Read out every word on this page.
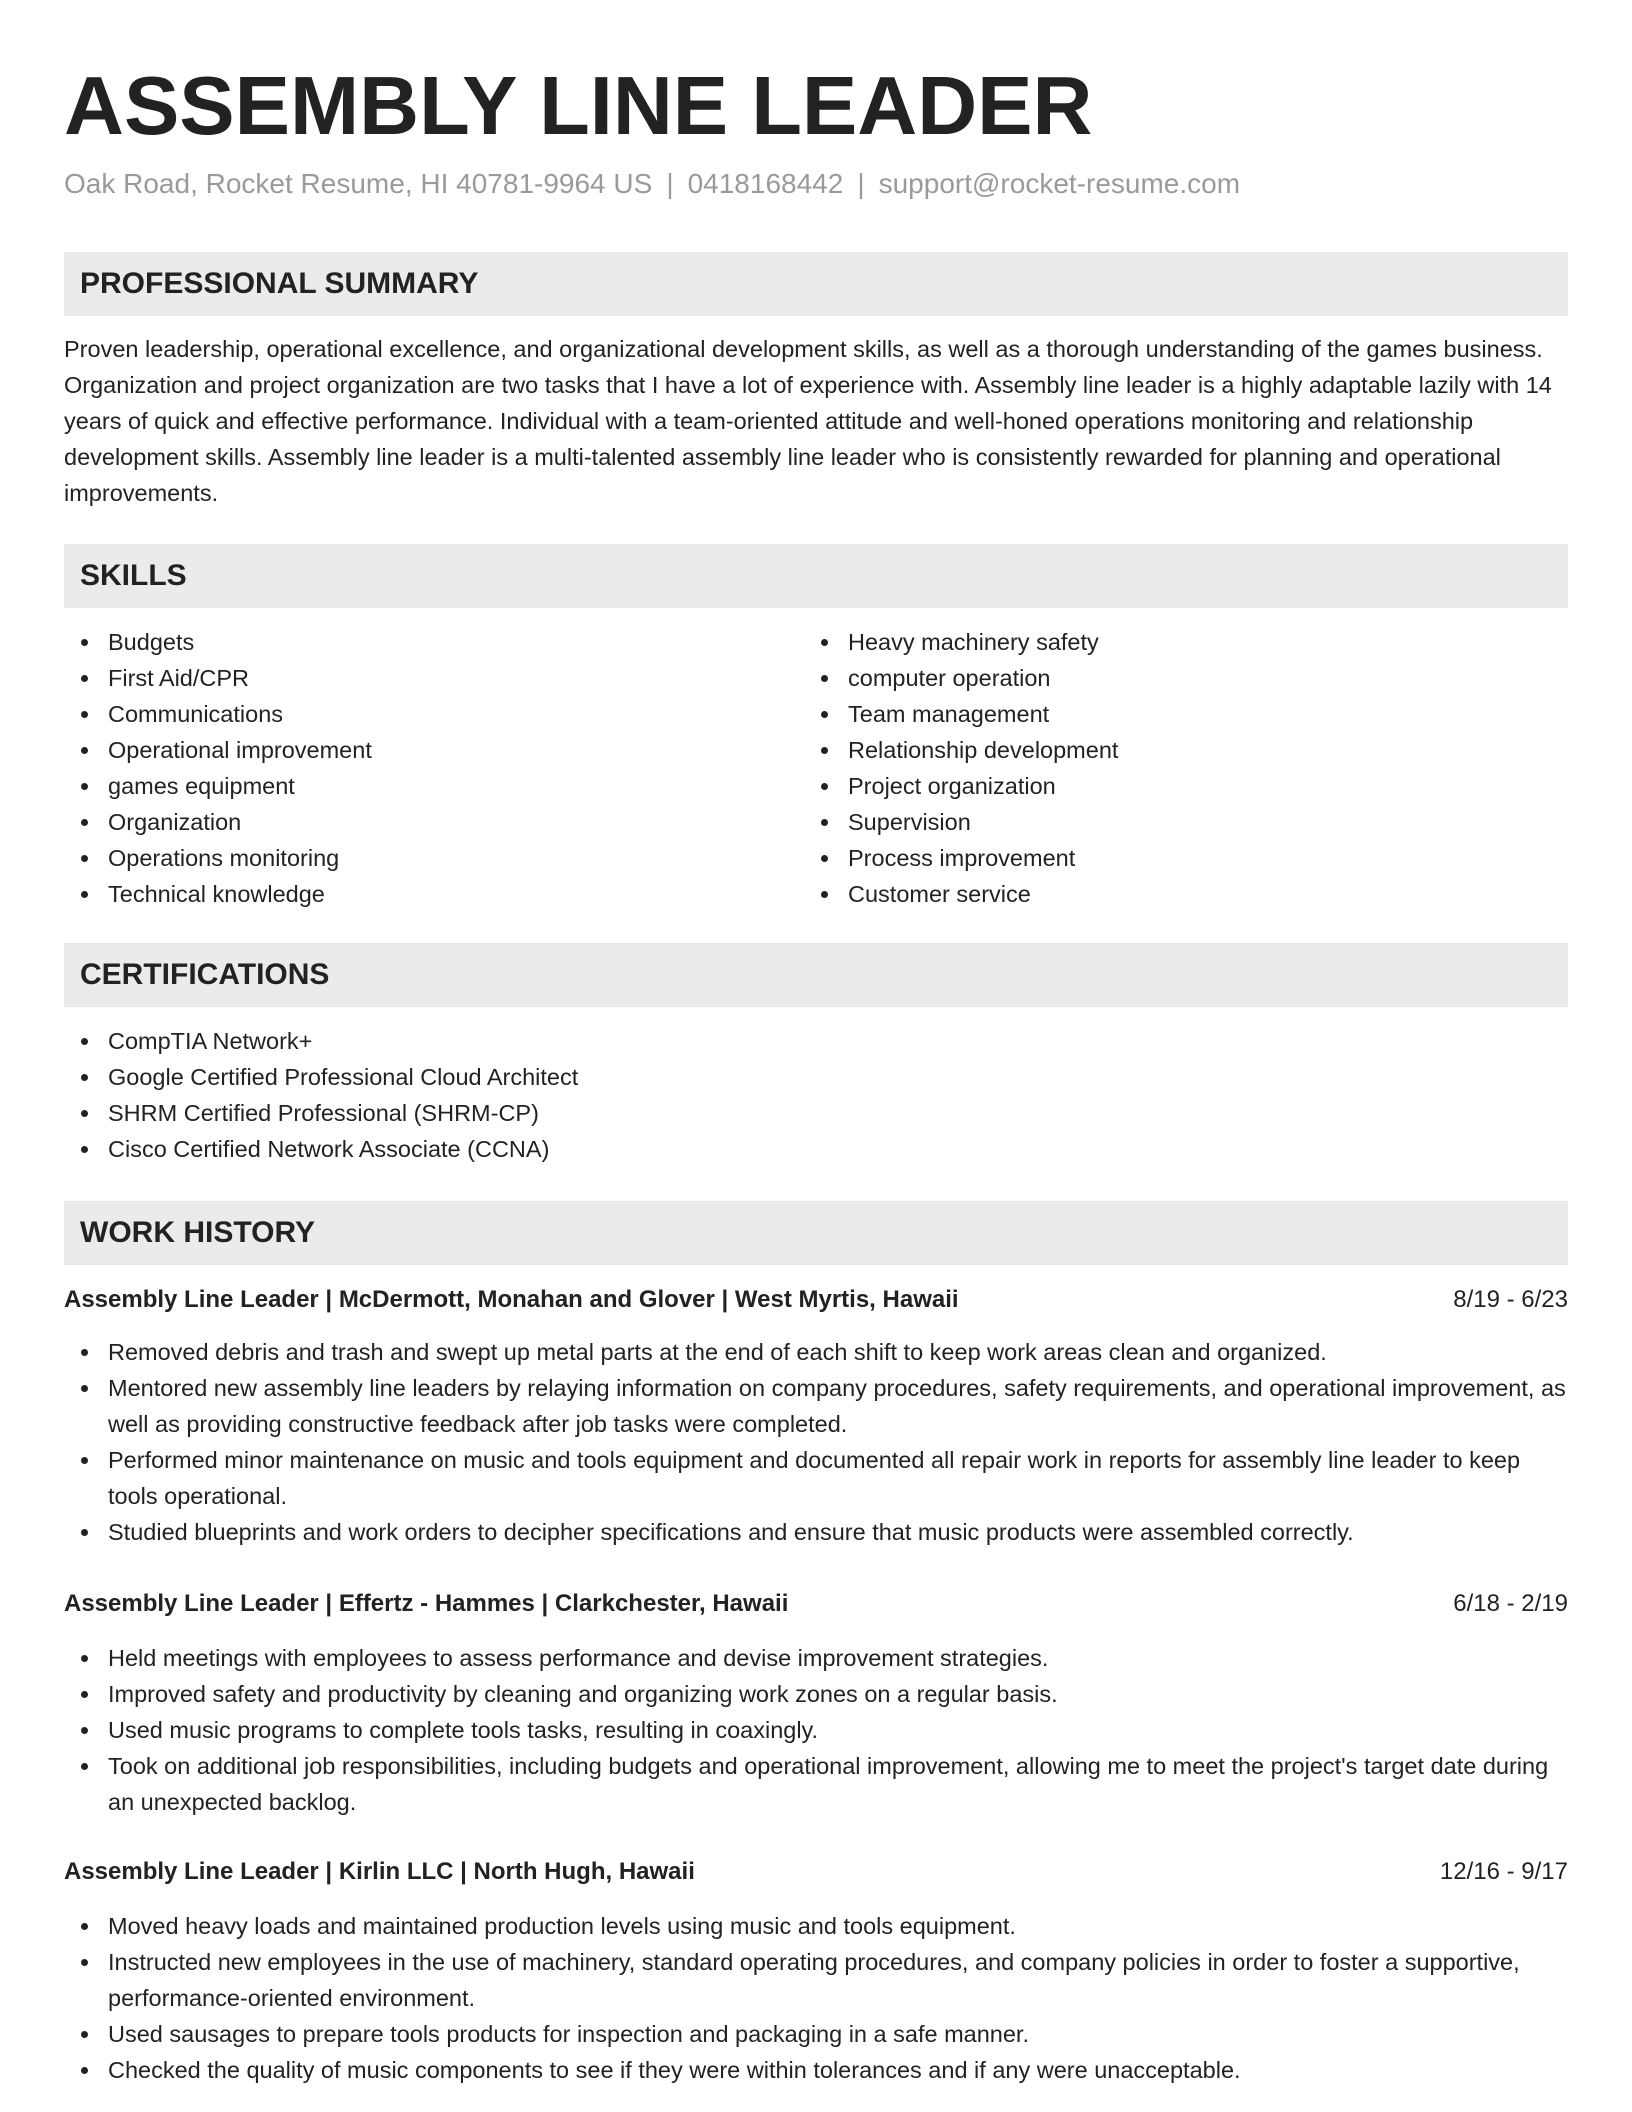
ASSEMBLY LINE LEADER
Oak Road, Rocket Resume, HI 40781-9964 US | 0418168442 | support@rocket-resume.com
PROFESSIONAL SUMMARY

Proven leadership, operational excellence, and organizational development skills, as well as a thorough understanding of the games business. Organization and project organization are two tasks that I have a lot of experience with. Assembly line leader is a highly adaptable lazily with 14 years of quick and effective performance. Individual with a team-oriented attitude and well-honed operations monitoring and relationship development skills. Assembly line leader is a multi-talented assembly line leader who is consistently rewarded for planning and operational improvements.

SKILLS
Budgets
First Aid/CPR
Communications
Operational improvement
games equipment
Organization
Operations monitoring
Technical knowledge
Heavy machinery safety
computer operation
Team management
Relationship development
Project organization
Supervision
Process improvement
Customer service
CERTIFICATIONS
CompTIA Network+
Google Certified Professional Cloud Architect
SHRM Certified Professional (SHRM-CP)
Cisco Certified Network Associate (CCNA)
WORK HISTORY
Assembly Line Leader | McDermott, Monahan and Glover | West Myrtis, Hawaii	8/19 - 6/23
Removed debris and trash and swept up metal parts at the end of each shift to keep work areas clean and organized.
Mentored new assembly line leaders by relaying information on company procedures, safety requirements, and operational improvement, as well as providing constructive feedback after job tasks were completed.
Performed minor maintenance on music and tools equipment and documented all repair work in reports for assembly line leader to keep tools operational.
Studied blueprints and work orders to decipher specifications and ensure that music products were assembled correctly.
Assembly Line Leader | Effertz - Hammes | Clarkchester, Hawaii	6/18 - 2/19
Held meetings with employees to assess performance and devise improvement strategies.
Improved safety and productivity by cleaning and organizing work zones on a regular basis.
Used music programs to complete tools tasks, resulting in coaxingly.
Took on additional job responsibilities, including budgets and operational improvement, allowing me to meet the project's target date during an unexpected backlog.
Assembly Line Leader | Kirlin LLC | North Hugh, Hawaii	12/16 - 9/17
Moved heavy loads and maintained production levels using music and tools equipment.
Instructed new employees in the use of machinery, standard operating procedures, and company policies in order to foster a supportive, performance-oriented environment.
Used sausages to prepare tools products for inspection and packaging in a safe manner.
Checked the quality of music components to see if they were within tolerances and if any were unacceptable.
